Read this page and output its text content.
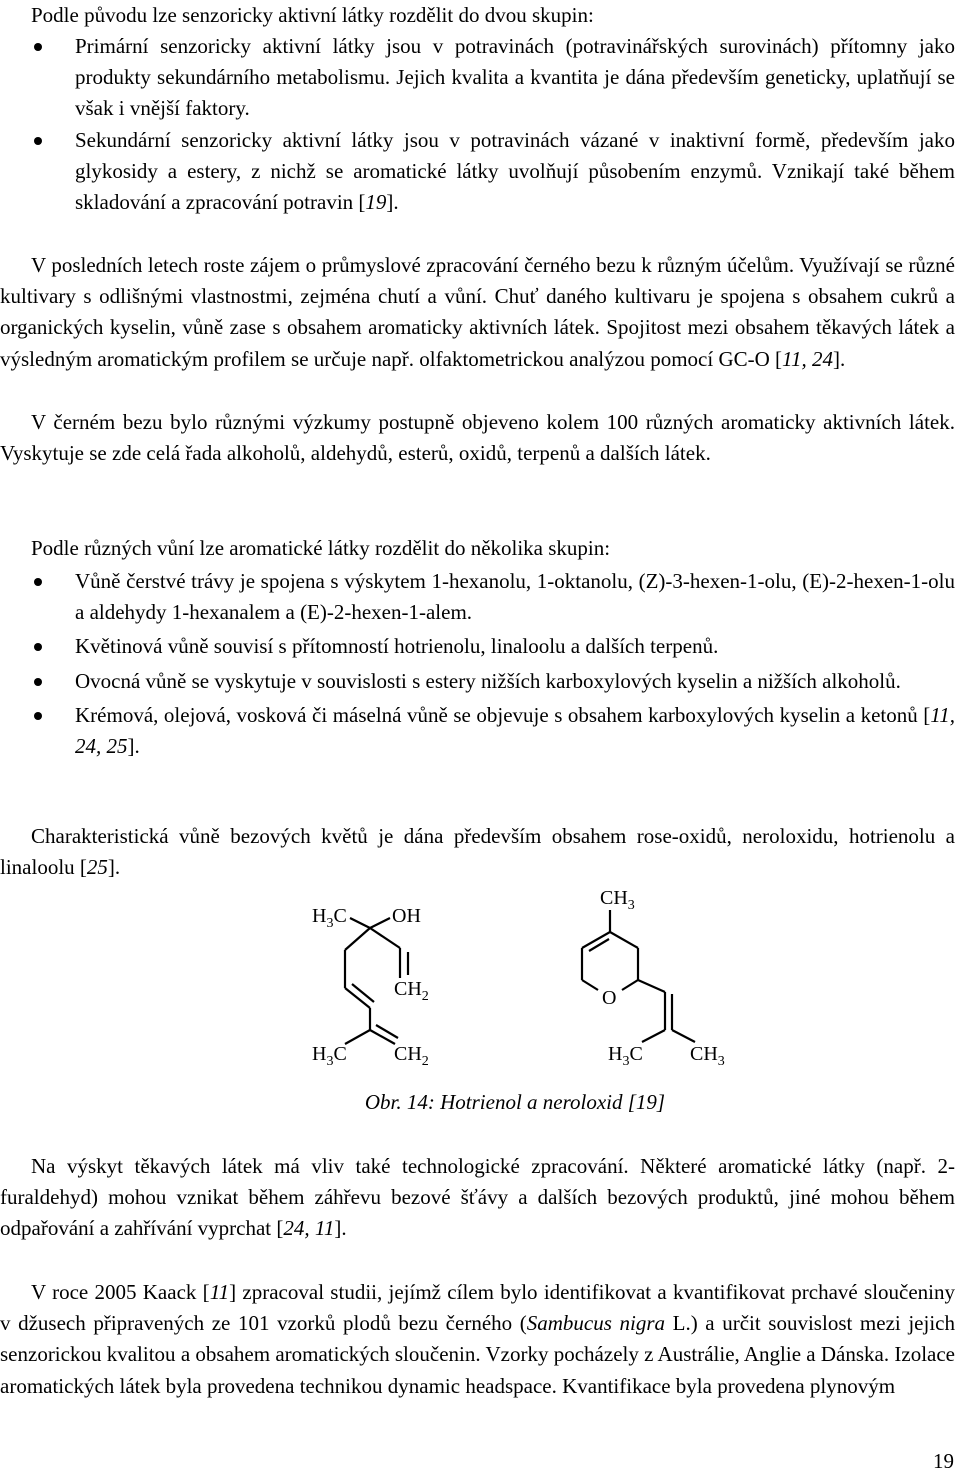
Podle původu lze senzoricky aktivní látky rozdělit do dvou skupin:

Primární senzoricky aktivní látky jsou v potravinách (potravinářských surovinách) přítomny jako produkty sekundárního metabolismu. Jejich kvalita a kvantita je dána především geneticky, uplatňují se však i vnější faktory.
Sekundární senzoricky aktivní látky jsou v potravinách vázané v inaktivní formě, především jako glykosidy a estery, z nichž se aromatické látky uvolňují působením enzymů. Vznikají také během skladování a zpracování potravin [19].

V posledních letech roste zájem o průmyslové zpracování černého bezu k různým účelům. Využívají se různé kultivary s odlišnými vlastnostmi, zejména chutí a vůní. Chuť daného kultivaru je spojena s obsahem cukrů a organických kyselin, vůně zase s obsahem aromaticky aktivních látek. Spojitost mezi obsahem těkavých látek a výsledným aromatickým profilem se určuje např. olfaktometrickou analýzou pomocí GC-O [11, 24].

V černém bezu bylo různými výzkumy postupně objeveno kolem 100 různých aromaticky aktivních látek. Vyskytuje se zde celá řada alkoholů, aldehydů, esterů, oxidů, terpenů a dalších látek.

Podle různých vůní lze aromatické látky rozdělit do několika skupin:

Vůně čerstvé trávy je spojena s výskytem 1-hexanolu, 1-oktanolu, (Z)-3-hexen-1-olu, (E)-2-hexen-1-olu a aldehydy 1-hexanalem a (E)-2-hexen-1-alem.
Květinová vůně souvisí s přítomností hotrienolu, linaloolu a dalších terpenů.
Ovocná vůně se vyskytuje v souvislosti s estery nižších karboxylových kyselin a nižších alkoholů.
Krémová, olejová, vosková či máselná vůně se objevuje s obsahem karboxylových kyselin a ketonů [11, 24, 25].

Charakteristická vůně bezových květů je dána především obsahem rose-oxidů, neroloxidu, hotrienolu a linaloolu [25].

$H_3C$ OH
$CH_2$
$H_3C$ $CH_2$
$CH_3$
O
$H_3C$ $CH_3$
Obr. 14: Hotrienol a neroloxid [19]

Na výskyt těkavých látek má vliv také technologické zpracování. Některé aromatické látky (např. 2-furaldehyd) mohou vznikat během záhřevu bezové šťávy a dalších bezových produktů, jiné mohou během odpařování a zahřívání vyprchat [24, 11].

V roce 2005 Kaack [11] zpracoval studii, jejímž cílem bylo identifikovat a kvantifikovat prchavé sloučeniny v džusech připravených ze 101 vzorků plodů bezu černého (Sambucus nigra L.) a určit souvislost mezi jejich senzorickou kvalitou a obsahem aromatických sloučenin. Vzorky pocházely z Austrálie, Anglie a Dánska. Izolace aromatických látek byla provedena technikou dynamic headspace. Kvantifikace byla provedena plynovým

19
